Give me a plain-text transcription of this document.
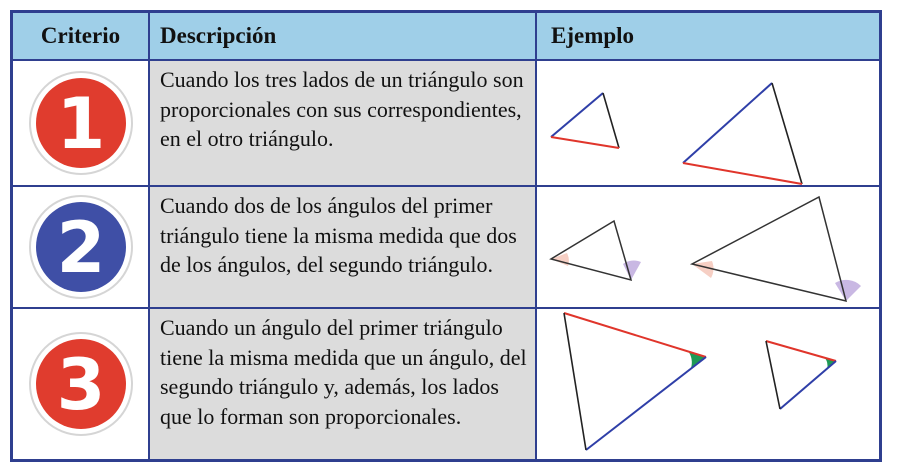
Criterio Descripción	Ejemplo
1
Cuando los tres lados de un triángulo son proporcionales con sus correspondientes, en el otro triángulo.
2
Cuando dos de los ángulos del primer triángulo tiene la misma medida que dos de los ángulos, del segundo triángulo.
3
Cuando un ángulo del primer triángulo tiene la misma medida que un ángulo, del segundo triángulo y, además, los lados que lo forman son proporcionales.
